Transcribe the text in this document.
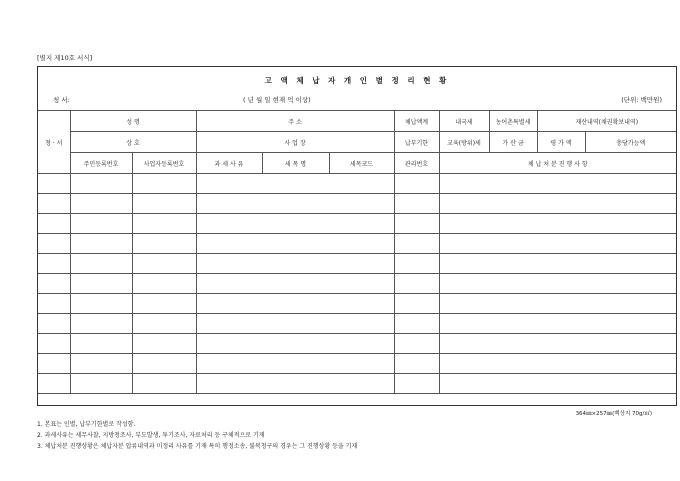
[별지 제10호 서식]
고 액 체 납 자 개 인 별 정 리 현 황
청 서:	( 년 월 일 현재 억 이상)	(단위: 백만원)
청 · 서	성 명		주 소			체납액계	내국세	농어촌특별세	재산내역(채권확보내역)	
	상 호		사 업 장			납부기한	교육(방위)세	가 산 금	평 가 액	충당가능액
	주민등록번호	사업자등록번호	과 세 사 유	세 목 명	세목코드	관리번호	체 납 처 분 진 행 사 항			

364㎜×257㎜(백상지 70g/㎡)
1. 본표는 인별, 납부기한별로 작성함.
2. 과세사유는 세무사찰, 지방청조사, 부도발생, 투기조사, 자료처리 등 구체적으로 기재
3. 체납처분 진행상황은 체납자분 압류내역과 미정리 사유를 기재 특히 행정소송, 불복청구의 경우는 그 진행상황 등을 기재
